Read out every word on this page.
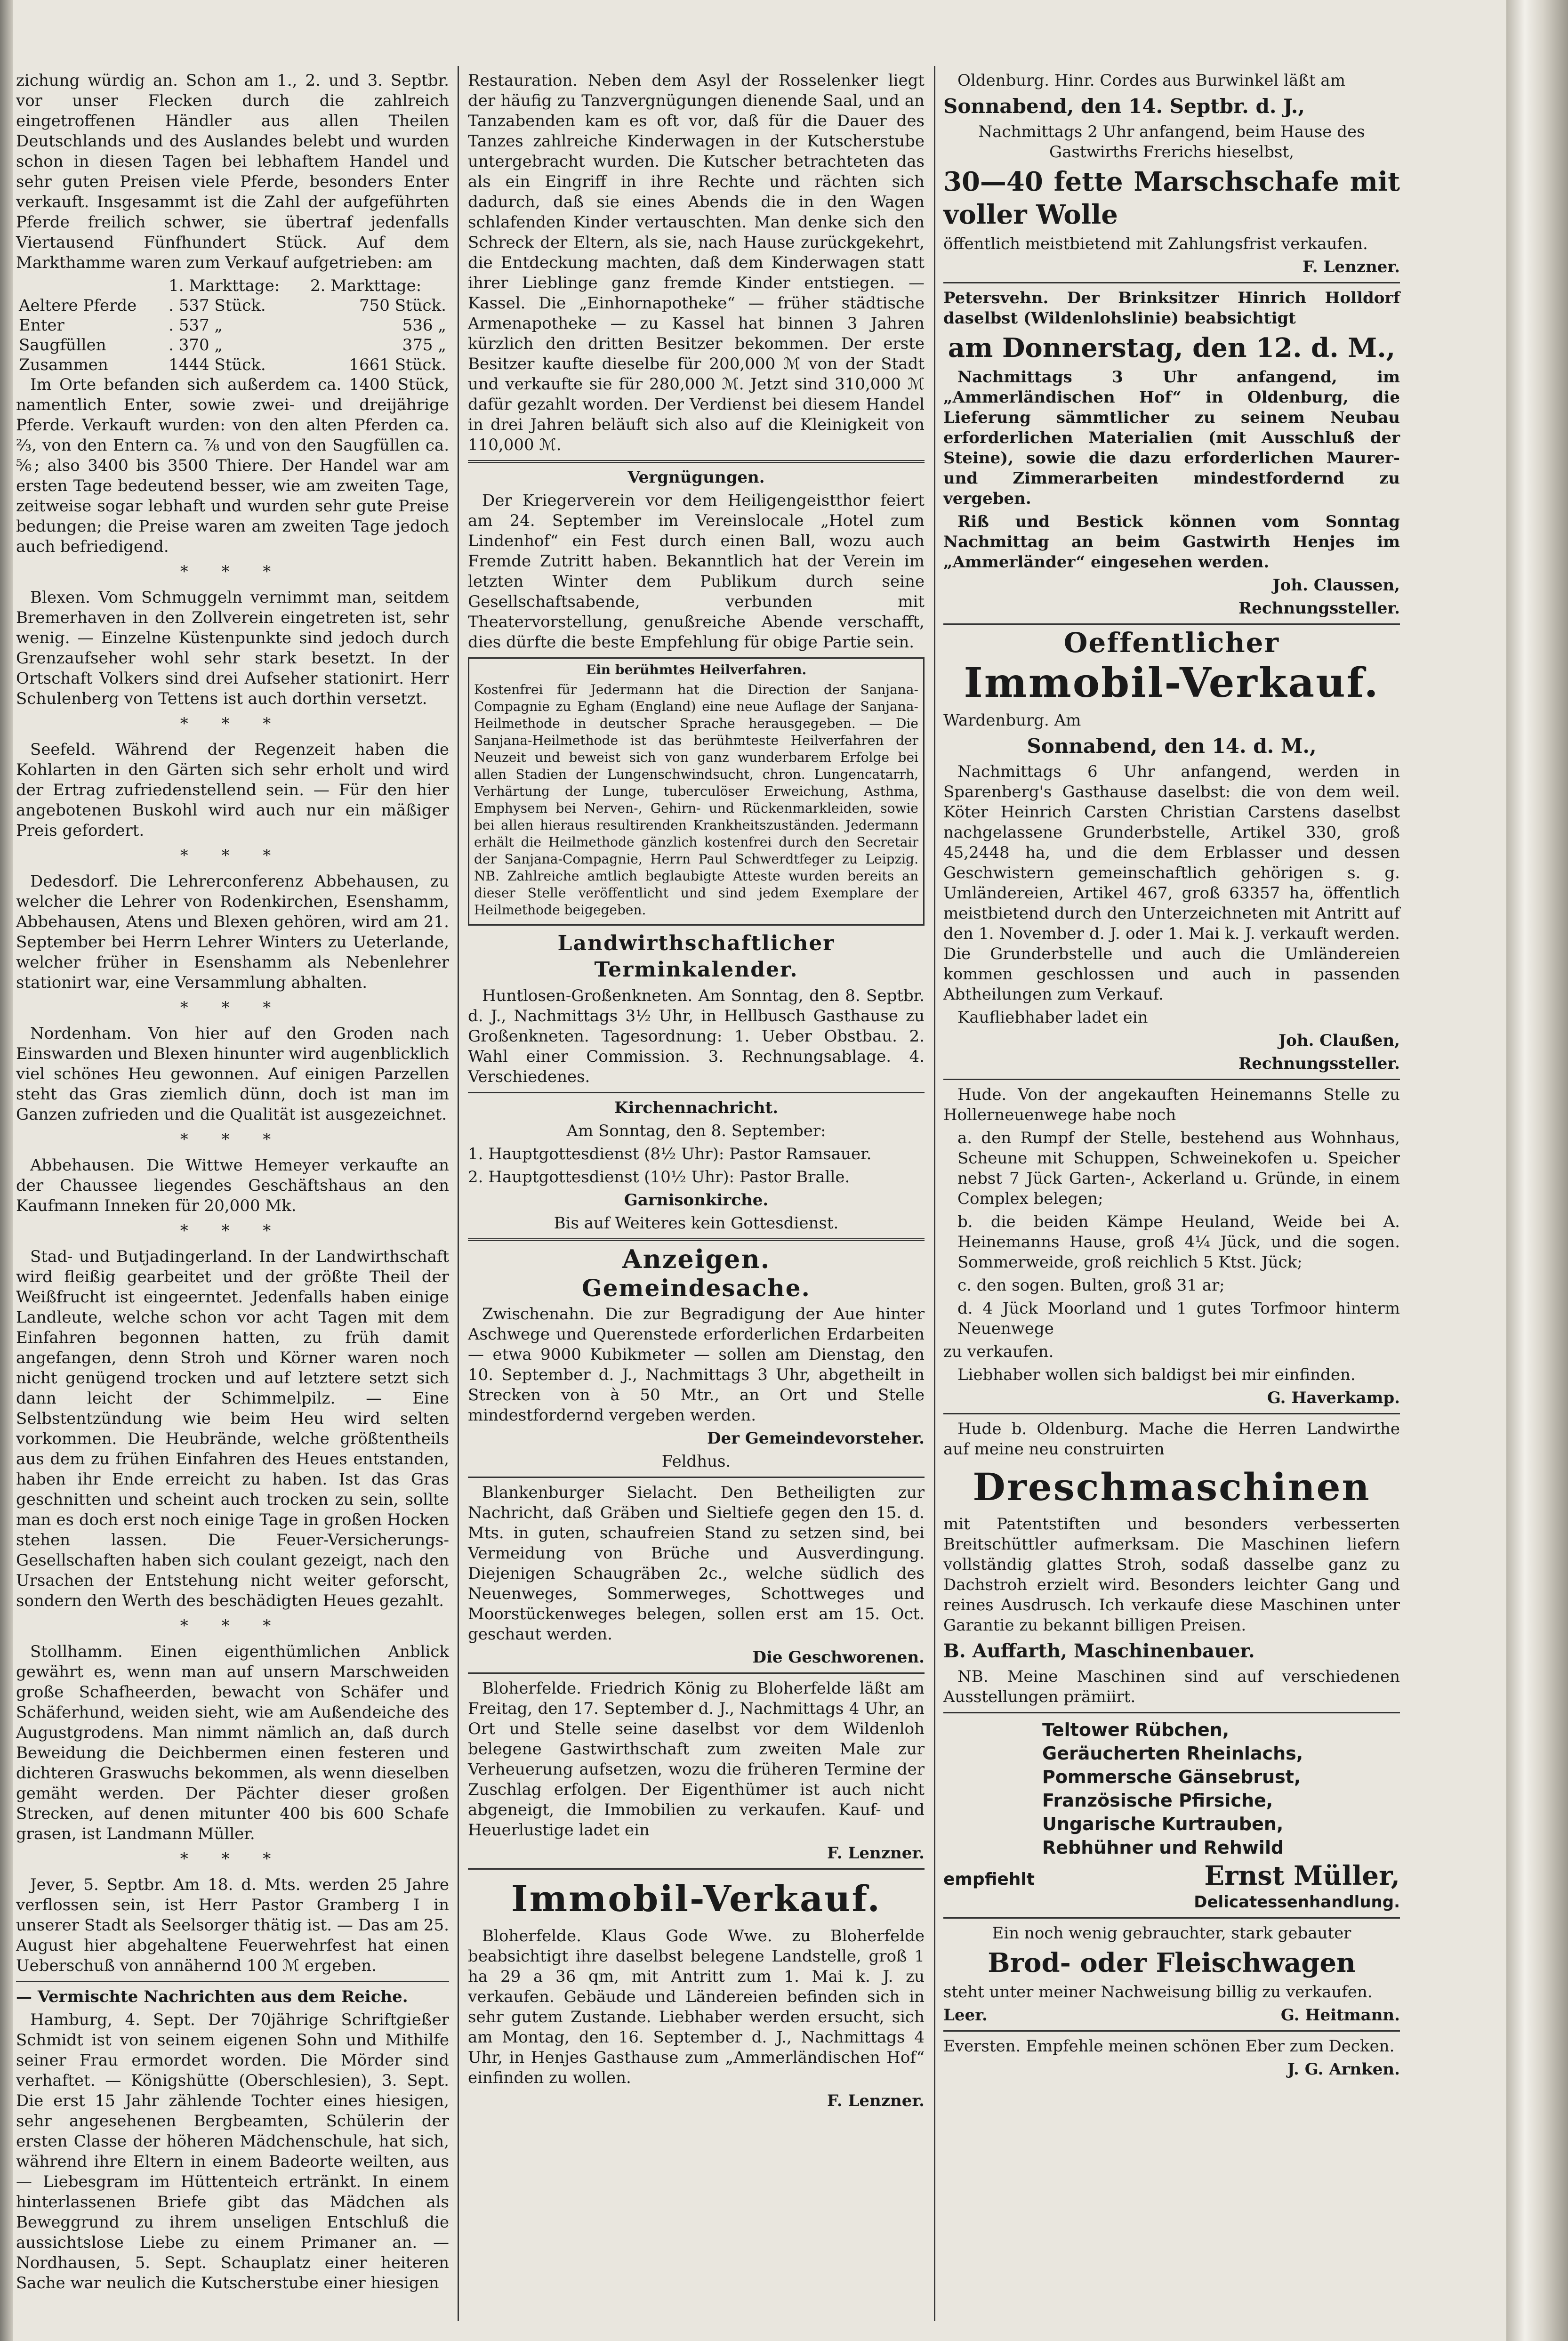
zichung würdig an. Schon am 1., 2. und 3. Septbr. vor unser Flecken durch die zahlreich eingetroffenen Händler aus allen Theilen Deutschlands und des Auslandes belebt und wurden schon in diesen Tagen bei lebhaftem Handel und sehr guten Preisen viele Pferde, besonders Enter verkauft. Insgesammt ist die Zahl der aufgeführten Pferde freilich schwer, sie übertraf jedenfalls Viertausend Fünfhundert Stück. Auf dem Markthamme waren zum Verkauf aufgetrieben: am

	1. Markttage:	2. Markttage:
Aeltere Pferde	. 537 Stück.	750 Stück.
Enter	. 537 „	536 „
Saugfüllen	. 370 „	375 „
Zusammen	1444 Stück.	1661 Stück.

Im Orte befanden sich außerdem ca. 1400 Stück, namentlich Enter, sowie zwei- und dreijährige Pferde. Verkauft wurden: von den alten Pferden ca. ⅔, von den Entern ca. ⅞ und von den Saugfüllen ca. ⅚; also 3400 bis 3500 Thiere. Der Handel war am ersten Tage bedeutend besser, wie am zweiten Tage, zeitweise sogar lebhaft und wurden sehr gute Preise bedungen; die Preise waren am zweiten Tage jedoch auch befriedigend.

* * *

Blexen. Vom Schmuggeln vernimmt man, seitdem Bremerhaven in den Zollverein eingetreten ist, sehr wenig. — Einzelne Küstenpunkte sind jedoch durch Grenzaufseher wohl sehr stark besetzt. In der Ortschaft Volkers sind drei Aufseher stationirt. Herr Schulenberg von Tettens ist auch dorthin versetzt.

* * *

Seefeld. Während der Regenzeit haben die Kohlarten in den Gärten sich sehr erholt und wird der Ertrag zufriedenstellend sein. — Für den hier angebotenen Buskohl wird auch nur ein mäßiger Preis gefordert.

* * *

Dedesdorf. Die Lehrerconferenz Abbehausen, zu welcher die Lehrer von Rodenkirchen, Esenshamm, Abbehausen, Atens und Blexen gehören, wird am 21. September bei Herrn Lehrer Winters zu Ueterlande, welcher früher in Esenshamm als Nebenlehrer stationirt war, eine Versammlung abhalten.

* * *

Nordenham. Von hier auf den Groden nach Einswarden und Blexen hinunter wird augenblicklich viel schönes Heu gewonnen. Auf einigen Parzellen steht das Gras ziemlich dünn, doch ist man im Ganzen zufrieden und die Qualität ist ausgezeichnet.

* * *

Abbehausen. Die Wittwe Hemeyer verkaufte an der Chaussee liegendes Geschäftshaus an den Kaufmann Inneken für 20,000 Mk.

* * *

Stad- und Butjadingerland. In der Landwirthschaft wird fleißig gearbeitet und der größte Theil der Weißfrucht ist eingeerntet. Jedenfalls haben einige Landleute, welche schon vor acht Tagen mit dem Einfahren begonnen hatten, zu früh damit angefangen, denn Stroh und Körner waren noch nicht genügend trocken und auf letztere setzt sich dann leicht der Schimmelpilz. — Eine Selbstentzündung wie beim Heu wird selten vorkommen. Die Heubrände, welche größtentheils aus dem zu frühen Einfahren des Heues entstanden, haben ihr Ende erreicht zu haben. Ist das Gras geschnitten und scheint auch trocken zu sein, sollte man es doch erst noch einige Tage in großen Hocken stehen lassen. Die Feuer-Versicherungs-Gesellschaften haben sich coulant gezeigt, nach den Ursachen der Entstehung nicht weiter geforscht, sondern den Werth des beschädigten Heues gezahlt.

* * *

Stollhamm. Einen eigenthümlichen Anblick gewährt es, wenn man auf unsern Marschweiden große Schafheerden, bewacht von Schäfer und Schäferhund, weiden sieht, wie am Außendeiche des Augustgrodens. Man nimmt nämlich an, daß durch Beweidung die Deichbermen einen festeren und dichteren Graswuchs bekommen, als wenn dieselben gemäht werden. Der Pächter dieser großen Strecken, auf denen mitunter 400 bis 600 Schafe grasen, ist Landmann Müller.

* * *

Jever, 5. Septbr. Am 18. d. Mts. werden 25 Jahre verflossen sein, ist Herr Pastor Gramberg I in unserer Stadt als Seelsorger thätig ist. — Das am 25. August hier abgehaltene Feuerwehrfest hat einen Ueberschuß von annähernd 100 ℳ ergeben.

— Vermischte Nachrichten aus dem Reiche.

Hamburg, 4. Sept. Der 70jährige Schriftgießer Schmidt ist von seinem eigenen Sohn und Mithilfe seiner Frau ermordet worden. Die Mörder sind verhaftet. — Königshütte (Oberschlesien), 3. Sept. Die erst 15 Jahr zählende Tochter eines hiesigen, sehr angesehenen Bergbeamten, Schülerin der ersten Classe der höheren Mädchenschule, hat sich, während ihre Eltern in einem Badeorte weilten, aus — Liebesgram im Hüttenteich ertränkt. In einem hinterlassenen Briefe gibt das Mädchen als Beweggrund zu ihrem unseligen Entschluß die aussichtslose Liebe zu einem Primaner an. — Nordhausen, 5. Sept. Schauplatz einer heiteren Sache war neulich die Kutscherstube einer hiesigen

Restauration. Neben dem Asyl der Rosselenker liegt der häufig zu Tanzvergnügungen dienende Saal, und an Tanzabenden kam es oft vor, daß für die Dauer des Tanzes zahlreiche Kinderwagen in der Kutscherstube untergebracht wurden. Die Kutscher betrachteten das als ein Eingriff in ihre Rechte und rächten sich dadurch, daß sie eines Abends die in den Wagen schlafenden Kinder vertauschten. Man denke sich den Schreck der Eltern, als sie, nach Hause zurückgekehrt, die Entdeckung machten, daß dem Kinderwagen statt ihrer Lieblinge ganz fremde Kinder entstiegen. — Kassel. Die „Einhornapotheke“ — früher städtische Armenapotheke — zu Kassel hat binnen 3 Jahren kürzlich den dritten Besitzer bekommen. Der erste Besitzer kaufte dieselbe für 200,000 ℳ von der Stadt und verkaufte sie für 280,000 ℳ. Jetzt sind 310,000 ℳ dafür gezahlt worden. Der Verdienst bei diesem Handel in drei Jahren beläuft sich also auf die Kleinigkeit von 110,000 ℳ.

Vergnügungen.

Der Kriegerverein vor dem Heiligengeistthor feiert am 24. September im Vereinslocale „Hotel zum Lindenhof“ ein Fest durch einen Ball, wozu auch Fremde Zutritt haben. Bekanntlich hat der Verein im letzten Winter dem Publikum durch seine Gesellschaftsabende, verbunden mit Theatervorstellung, genußreiche Abende verschafft, dies dürfte die beste Empfehlung für obige Partie sein.

Ein berühmtes Heilverfahren.

Kostenfrei für Jedermann hat die Direction der Sanjana-Compagnie zu Egham (England) eine neue Auflage der Sanjana-Heilmethode in deutscher Sprache herausgegeben. — Die Sanjana-Heilmethode ist das berühmteste Heilverfahren der Neuzeit und beweist sich von ganz wunderbarem Erfolge bei allen Stadien der Lungenschwindsucht, chron. Lungencatarrh, Verhärtung der Lunge, tuberculöser Erweichung, Asthma, Emphysem bei Nerven-, Gehirn- und Rückenmarkleiden, sowie bei allen hieraus resultirenden Krankheitszuständen. Jedermann erhält die Heilmethode gänzlich kostenfrei durch den Secretair der Sanjana-Compagnie, Herrn Paul Schwerdtfeger zu Leipzig. NB. Zahlreiche amtlich beglaubigte Atteste wurden bereits an dieser Stelle veröffentlicht und sind jedem Exemplare der Heilmethode beigegeben.

Landwirthschaftlicher Terminkalender.

Huntlosen-Großenkneten. Am Sonntag, den 8. Septbr. d. J., Nachmittags 3½ Uhr, in Hellbusch Gasthause zu Großenkneten. Tagesordnung: 1. Ueber Obstbau. 2. Wahl einer Commission. 3. Rechnungsablage. 4. Verschiedenes.

Kirchennachricht.

Am Sonntag, den 8. September:

1. Hauptgottesdienst (8½ Uhr): Pastor Ramsauer.

2. Hauptgottesdienst (10½ Uhr): Pastor Bralle.

Garnisonkirche.

Bis auf Weiteres kein Gottesdienst.

Anzeigen.

Gemeindesache.

Zwischenahn. Die zur Begradigung der Aue hinter Aschwege und Querenstede erforderlichen Erdarbeiten — etwa 9000 Kubikmeter — sollen am Dienstag, den 10. September d. J., Nachmittags 3 Uhr, abgetheilt in Strecken von à 50 Mtr., an Ort und Stelle mindestfordernd vergeben werden.

Der Gemeindevorsteher.

Feldhus.

Blankenburger Sielacht. Den Betheiligten zur Nachricht, daß Gräben und Sieltiefe gegen den 15. d. Mts. in guten, schaufreien Stand zu setzen sind, bei Vermeidung von Brüche und Ausverdingung. Diejenigen Schaugräben 2c., welche südlich des Neuenweges, Sommerweges, Schottweges und Moorstückenweges belegen, sollen erst am 15. Oct. geschaut werden.

Die Geschworenen.

Bloherfelde. Friedrich König zu Bloherfelde läßt am Freitag, den 17. September d. J., Nachmittags 4 Uhr, an Ort und Stelle seine daselbst vor dem Wildenloh belegene Gastwirthschaft zum zweiten Male zur Verheuerung aufsetzen, wozu die früheren Termine der Zuschlag erfolgen. Der Eigenthümer ist auch nicht abgeneigt, die Immobilien zu verkaufen. Kauf- und Heuerlustige ladet ein

F. Lenzner.

Immobil-Verkauf.

Bloherfelde. Klaus Gode Wwe. zu Bloherfelde beabsichtigt ihre daselbst belegene Landstelle, groß 1 ha 29 a 36 qm, mit Antritt zum 1. Mai k. J. zu verkaufen. Gebäude und Ländereien befinden sich in sehr gutem Zustande. Liebhaber werden ersucht, sich am Montag, den 16. September d. J., Nachmittags 4 Uhr, in Henjes Gasthause zum „Ammerländischen Hof“ einfinden zu wollen.

F. Lenzner.

Oldenburg. Hinr. Cordes aus Burwinkel läßt am

Sonnabend, den 14. Septbr. d. J.,

Nachmittags 2 Uhr anfangend, beim Hause des Gastwirths Frerichs hieselbst,

30—40 fette Marschschafe mit voller Wolle

öffentlich meistbietend mit Zahlungsfrist verkaufen.

F. Lenzner.

Petersvehn. Der Brinksitzer Hinrich Holldorf daselbst (Wildenlohslinie) beabsichtigt

am Donnerstag, den 12. d. M.,

Nachmittags 3 Uhr anfangend, im „Ammerländischen Hof“ in Oldenburg, die Lieferung sämmtlicher zu seinem Neubau erforderlichen Materialien (mit Ausschluß der Steine), sowie die dazu erforderlichen Maurer- und Zimmerarbeiten mindestfordernd zu vergeben.

Riß und Bestick können vom Sonntag Nachmittag an beim Gastwirth Henjes im „Ammerländer“ eingesehen werden.

Joh. Claussen,

Rechnungssteller.

Oeffentlicher

Immobil-Verkauf.

Wardenburg. Am

Sonnabend, den 14. d. M.,

Nachmittags 6 Uhr anfangend, werden in Sparenberg's Gasthause daselbst: die von dem weil. Köter Heinrich Carsten Christian Carstens daselbst nachgelassene Grunderbstelle, Artikel 330, groß 45,2448 ha, und die dem Erblasser und dessen Geschwistern gemeinschaftlich gehörigen s. g. Umländereien, Artikel 467, groß 63357 ha, öffentlich meistbietend durch den Unterzeichneten mit Antritt auf den 1. November d. J. oder 1. Mai k. J. verkauft werden. Die Grunderbstelle und auch die Umländereien kommen geschlossen und auch in passenden Abtheilungen zum Verkauf.

Kaufliebhaber ladet ein

Joh. Claußen,

Rechnungssteller.

Hude. Von der angekauften Heinemanns Stelle zu Hollerneuenwege habe noch

a. den Rumpf der Stelle, bestehend aus Wohnhaus, Scheune mit Schuppen, Schweinekofen u. Speicher nebst 7 Jück Garten-, Ackerland u. Gründe, in einem Complex belegen;

b. die beiden Kämpe Heuland, Weide bei A. Heinemanns Hause, groß 4¼ Jück, und die sogen. Sommerweide, groß reichlich 5 Ktst. Jück;

c. den sogen. Bulten, groß 31 ar;

d. 4 Jück Moorland und 1 gutes Torfmoor hinterm Neuenwege

zu verkaufen.

Liebhaber wollen sich baldigst bei mir einfinden.

G. Haverkamp.

Hude b. Oldenburg. Mache die Herren Landwirthe auf meine neu construirten

Dreschmaschinen

mit Patentstiften und besonders verbesserten Breitschüttler aufmerksam. Die Maschinen liefern vollständig glattes Stroh, sodaß dasselbe ganz zu Dachstroh erzielt wird. Besonders leichter Gang und reines Ausdrusch. Ich verkaufe diese Maschinen unter Garantie zu bekannt billigen Preisen.

B. Auffarth, Maschinenbauer.

NB. Meine Maschinen sind auf verschiedenen Ausstellungen prämiirt.

Teltower Rübchen,
Geräucherten Rheinlachs,
Pommersche Gänsebrust,
Französische Pfirsiche,
Ungarische Kurtrauben,
Rebhühner und Rehwild
empfiehlt	Ernst Müller,

Delicatessenhandlung.

Ein noch wenig gebrauchter, stark gebauter

Brod- oder Fleischwagen

steht unter meiner Nachweisung billig zu verkaufen.

Leer.	G. Heitmann.

Eversten. Empfehle meinen schönen Eber zum Decken.

J. G. Arnken.
